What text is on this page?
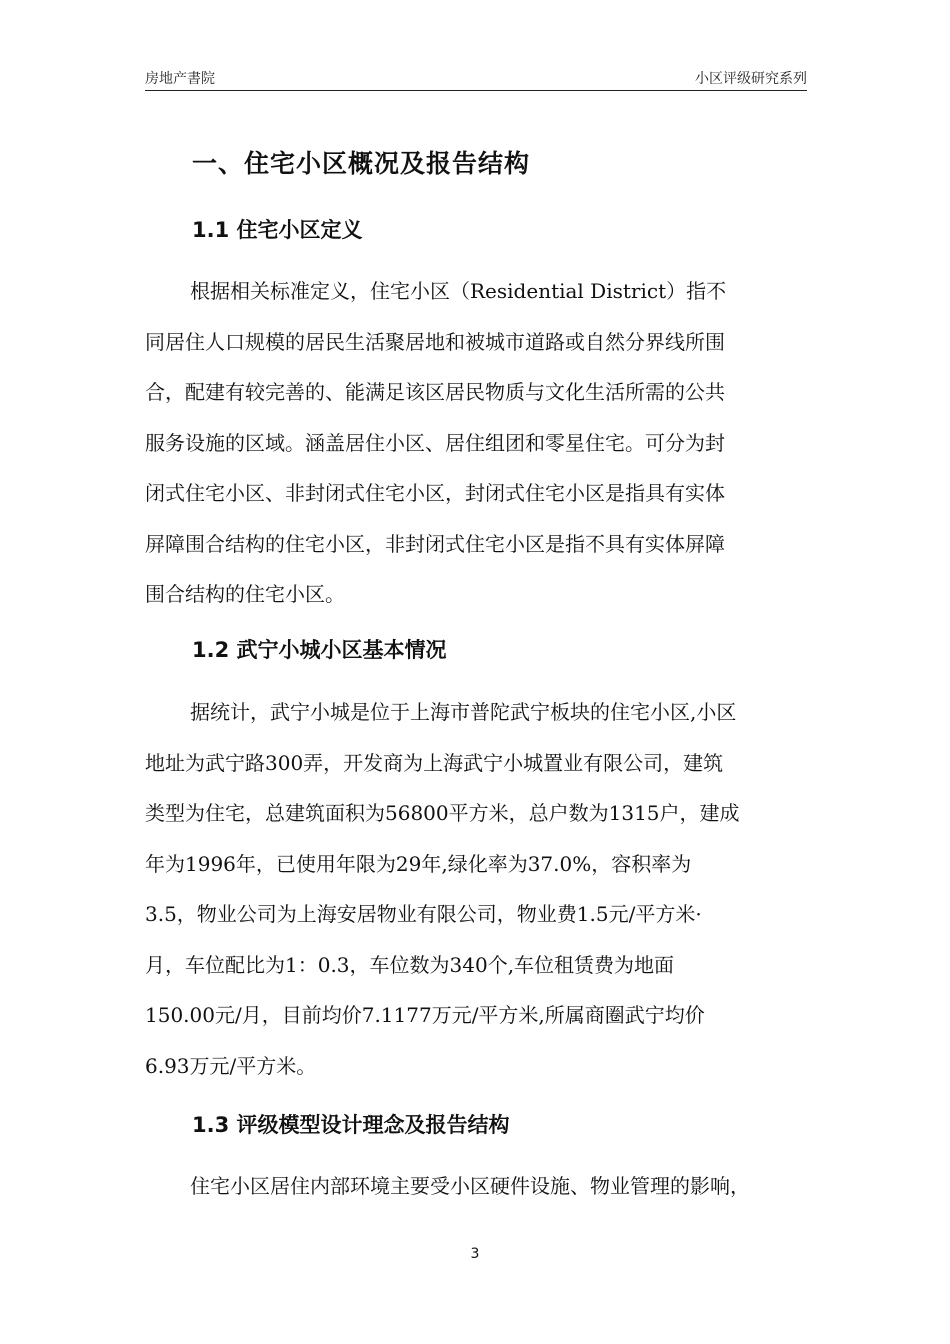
房地产書院	小区评级研究系列
一、住宅小区概况及报告结构
1.1 住宅小区定义
根据相关标准定义，住宅小区（Residential District）指不
同居住人口规模的居民生活聚居地和被城市道路或自然分界线所围
合，配建有较完善的、能满足该区居民物质与文化生活所需的公共
服务设施的区域。涵盖居住小区、居住组团和零星住宅。可分为封
闭式住宅小区、非封闭式住宅小区，封闭式住宅小区是指具有实体
屏障围合结构的住宅小区，非封闭式住宅小区是指不具有实体屏障
围合结构的住宅小区。
1.2 武宁小城小区基本情况
据统计，武宁小城是位于上海市普陀武宁板块的住宅小区,小区
地址为武宁路300弄，开发商为上海武宁小城置业有限公司，建筑
类型为住宅，总建筑面积为56800平方米，总户数为1315户，建成
年为1996年，已使用年限为29年,绿化率为37.0%，容积率为
3.5，物业公司为上海安居物业有限公司，物业费1.5元/平方米·
月，车位配比为1：0.3，车位数为340个,车位租赁费为地面
150.00元/月，目前均价7.1177万元/平方米,所属商圈武宁均价
6.93万元/平方米。
1.3 评级模型设计理念及报告结构
住宅小区居住内部环境主要受小区硬件设施、物业管理的影响，
3
